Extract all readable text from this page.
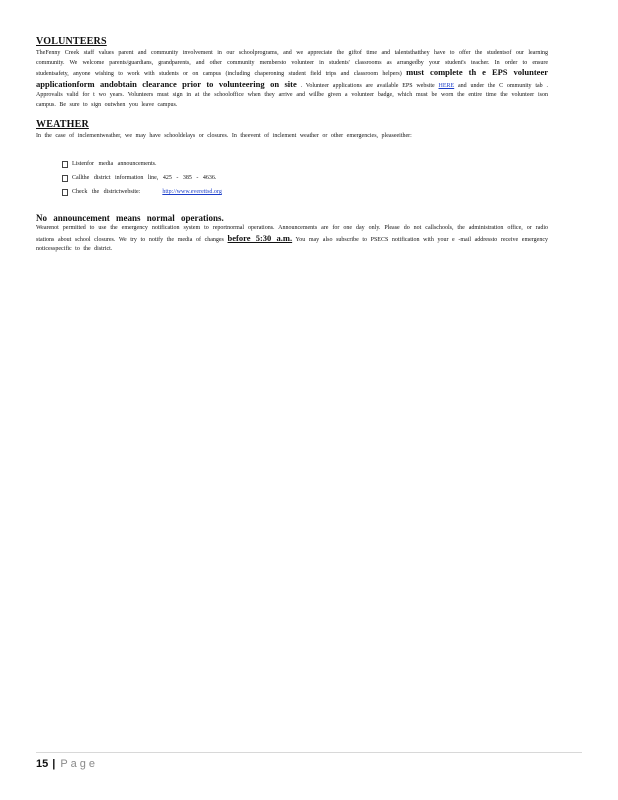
VOLUNTEERS

TheFenny Creek staff values parent and community involvement in our schoolprograms, and we appreciate the giftof time and talentsthatthey have to offer the studentsof our learning community. We welcome parents/guardians, grandparents, and other community membersto volunteer in students' classrooms as arrangedby your student's teacher. In order to ensure studentsafety, anyone wishing to work with students or on campus (including chaperoning student field trips and classroom helpers) must complete th e EPS volunteer applicationform andobtain clearance prior to volunteering on site . Volunteer applications are available EPS website HERE and under the C ommunity tab . Approvalis valid for t wo years. Volunteers must sign in at the schooloffice when they arrive and willbe given a volunteer badge, which must be worn the entire time the volunteer ison campus. Be sure to sign outwhen you leave campus.

WEATHER

In the case of inclementweather, we may have schooldelays or closures. In theevent of inclement weather or other emergencies, pleaseeither:

Listenfor media announcements.
Callthe district information line, 425 - 385 - 4636.
Check the districtwebsite:	http://www.everettsd.org
No announcement means normal operations.

Wearenot permitted to use the emergency notification system to reportnormal operations. Announcements are for one day only. Please do not callschools, the administration office, or radio stations about school closures. We try to notify the media of changes before 5:30 a.m. You may also subscribe to PSECS notification with your e -mail addressto receive emergency noticesspecific to the district.

15 | Page
